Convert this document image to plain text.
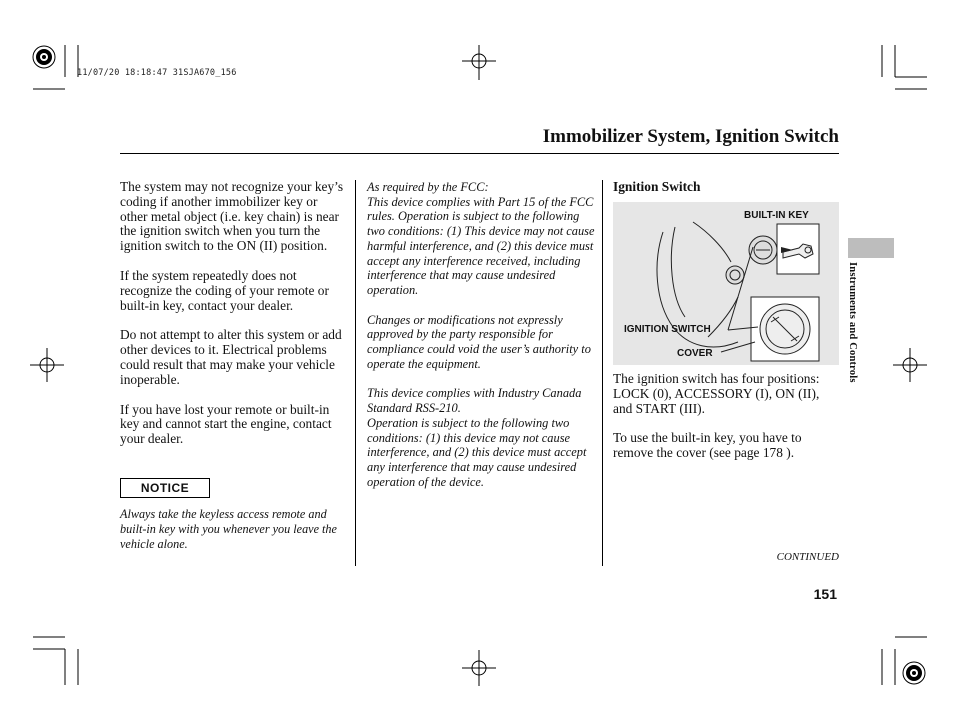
11/07/20 18:18:47 31SJA670_156
Immobilizer System, Ignition Switch

The system may not recognize your key’s coding if another immobilizer key or other metal object (i.e. key chain) is near the ignition switch when you turn the ignition switch to the ON (II) position.

If the system repeatedly does not recognize the coding of your remote or built-in key, contact your dealer.

Do not attempt to alter this system or add other devices to it. Electrical problems could result that may make your vehicle inoperable.

If you have lost your remote or built-in key and cannot start the engine, contact your dealer.

NOTICE
Always take the keyless access remote and built-in key with you whenever you leave the vehicle alone.
As required by the FCC:

This device complies with Part 15 of the FCC rules. Operation is subject to the following two conditions: (1) This device may not cause harmful interference, and (2) this device must accept any interference received, including interference that may cause undesired operation.

Changes or modifications not expressly approved by the party responsible for compliance could void the user’s authority to operate the equipment.

This device complies with Industry Canada Standard RSS-210.

Operation is subject to the following two conditions: (1) this device may not cause interference, and (2) this device must accept any interference that may cause undesired operation of the device.

Ignition Switch
BUILT-IN KEY
IGNITION SWITCH
COVER

The ignition switch has four positions: LOCK (0), ACCESSORY (I), ON (II), and START (III).

To use the built-in key, you have to remove the cover (see page 178 ).

Instruments and Controls
CONTINUED
151
